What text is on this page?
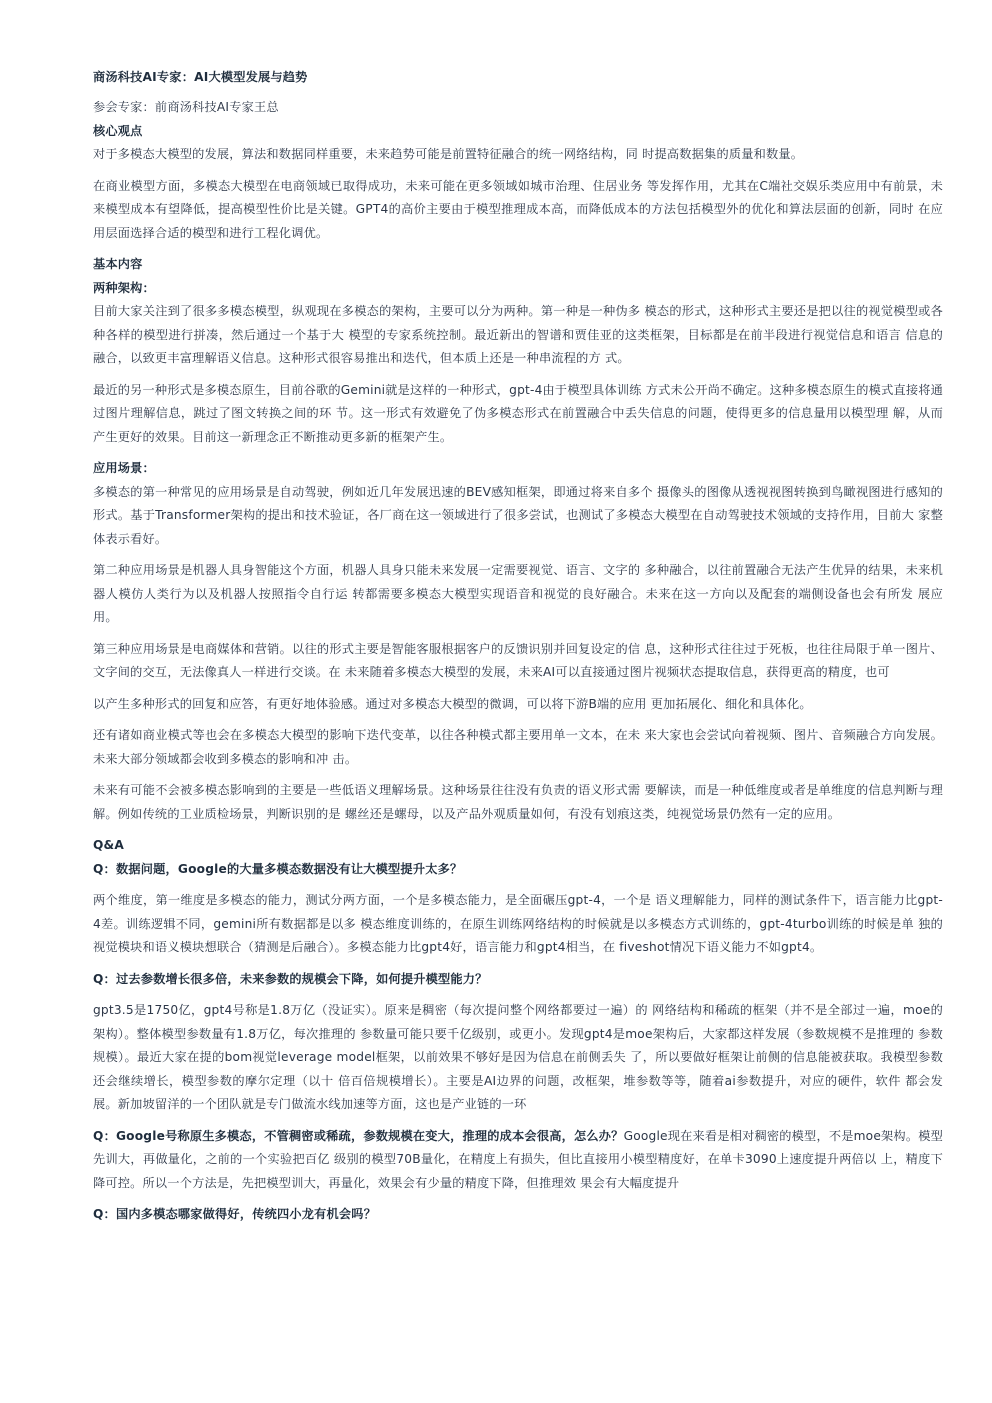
商汤科技AI专家：AI大模型发展与趋势
参会专家：前商汤科技AI专家王总
核心观点
对于多模态大模型的发展，算法和数据同样重要，未来趋势可能是前置特征融合的统一网络结构，同 时提高数据集的质量和数量。
在商业模型方面，多模态大模型在电商领域已取得成功，未来可能在更多领域如城市治理、住居业务 等发挥作用，尤其在C端社交娱乐类应用中有前景，未来模型成本有望降低，提高模型性价比是关键。GPT4的高价主要由于模型推理成本高，而降低成本的方法包括模型外的优化和算法层面的创新，同时 在应用层面选择合适的模型和进行工程化调优。
基本内容
两种架构：
目前大家关注到了很多多模态模型，纵观现在多模态的架构，主要可以分为两种。第一种是一种伪多 模态的形式，这种形式主要还是把以往的视觉模型或各种各样的模型进行拼凑，然后通过一个基于大 模型的专家系统控制。最近新出的智谱和贾佳亚的这类框架，目标都是在前半段进行视觉信息和语言 信息的融合，以致更丰富理解语义信息。这种形式很容易推出和迭代，但本质上还是一种串流程的方 式。
最近的另一种形式是多模态原生，目前谷歌的Gemini就是这样的一种形式，gpt-4由于模型具体训练 方式未公开尚不确定。这种多模态原生的模式直接将通过图片理解信息，跳过了图文转换之间的环 节。这一形式有效避免了伪多模态形式在前置融合中丢失信息的问题，使得更多的信息量用以模型理 解，从而产生更好的效果。目前这一新理念正不断推动更多新的框架产生。
应用场景：
多模态的第一种常见的应用场景是自动驾驶，例如近几年发展迅速的BEV感知框架，即通过将来自多个 摄像头的图像从透视视图转换到鸟瞰视图进行感知的形式。基于Transformer架构的提出和技术验证，各厂商在这一领域进行了很多尝试，也测试了多模态大模型在自动驾驶技术领域的支持作用，目前大 家整体表示看好。
第二种应用场景是机器人具身智能这个方面，机器人具身只能未来发展一定需要视觉、语言、文字的 多种融合，以往前置融合无法产生优异的结果，未来机器人模仿人类行为以及机器人按照指令自行运 转都需要多模态大模型实现语音和视觉的良好融合。未来在这一方向以及配套的端侧设备也会有所发 展应用。
第三种应用场景是电商媒体和营销。以往的形式主要是智能客服根据客户的反馈识别并回复设定的信 息，这种形式往往过于死板，也往往局限于单一图片、文字间的交互，无法像真人一样进行交谈。在 未来随着多模态大模型的发展，未来AI可以直接通过图片视频状态提取信息，获得更高的精度，也可
以产生多种形式的回复和应答，有更好地体验感。通过对多模态大模型的微调，可以将下游B端的应用 更加拓展化、细化和具体化。
还有诸如商业模式等也会在多模态大模型的影响下迭代变革，以往各种模式都主要用单一文本，在未 来大家也会尝试向着视频、图片、音频融合方向发展。未来大部分领域都会收到多模态的影响和冲 击。
未来有可能不会被多模态影响到的主要是一些低语义理解场景。这种场景往往没有负责的语义形式需 要解读，而是一种低维度或者是单维度的信息判断与理解。例如传统的工业质检场景，判断识别的是 螺丝还是螺母，以及产品外观质量如何，有没有划痕这类，纯视觉场景仍然有一定的应用。
Q&A
Q：数据问题，Google的大量多模态数据没有让大模型提升太多？
两个维度，第一维度是多模态的能力，测试分两方面，一个是多模态能力，是全面碾压gpt-4，一个是 语义理解能力，同样的测试条件下，语言能力比gpt-4差。训练逻辑不同，gemini所有数据都是以多 模态维度训练的，在原生训练网络结构的时候就是以多模态方式训练的，gpt-4turbo训练的时候是单 独的视觉模块和语义模块想联合（猜测是后融合）。多模态能力比gpt4好，语言能力和gpt4相当，在 fiveshot情况下语义能力不如gpt4。
Q：过去参数增长很多倍，未来参数的规模会下降，如何提升模型能力？
gpt3.5是1750亿，gpt4号称是1.8万亿（没证实）。原来是稠密（每次提问整个网络都要过一遍）的 网络结构和稀疏的框架（并不是全部过一遍，moe的架构）。整体模型参数量有1.8万亿，每次推理的 参数量可能只要千亿级别，或更小。发现gpt4是moe架构后，大家都这样发展（参数规模不是推理的 参数规模）。最近大家在提的bom视觉leverage model框架，以前效果不够好是因为信息在前侧丢失 了，所以要做好框架让前侧的信息能被获取。我模型参数还会继续增长，模型参数的摩尔定理（以十 倍百倍规模增长）。主要是AI边界的问题，改框架，堆参数等等，随着ai参数提升，对应的硬件，软件 都会发展。新加坡留洋的一个团队就是专门做流水线加速等方面，这也是产业链的一环
Q：Google号称原生多模态，不管稠密或稀疏，参数规模在变大，推理的成本会很高，怎么办？Google现在来看是相对稠密的模型，不是moe架构。模型先训大，再做量化，之前的一个实验把百亿 级别的模型70B量化，在精度上有损失，但比直接用小模型精度好，在单卡3090上速度提升两倍以 上，精度下降可控。所以一个方法是，先把模型训大，再量化，效果会有少量的精度下降，但推理效 果会有大幅度提升
Q：国内多模态哪家做得好，传统四小龙有机会吗？
